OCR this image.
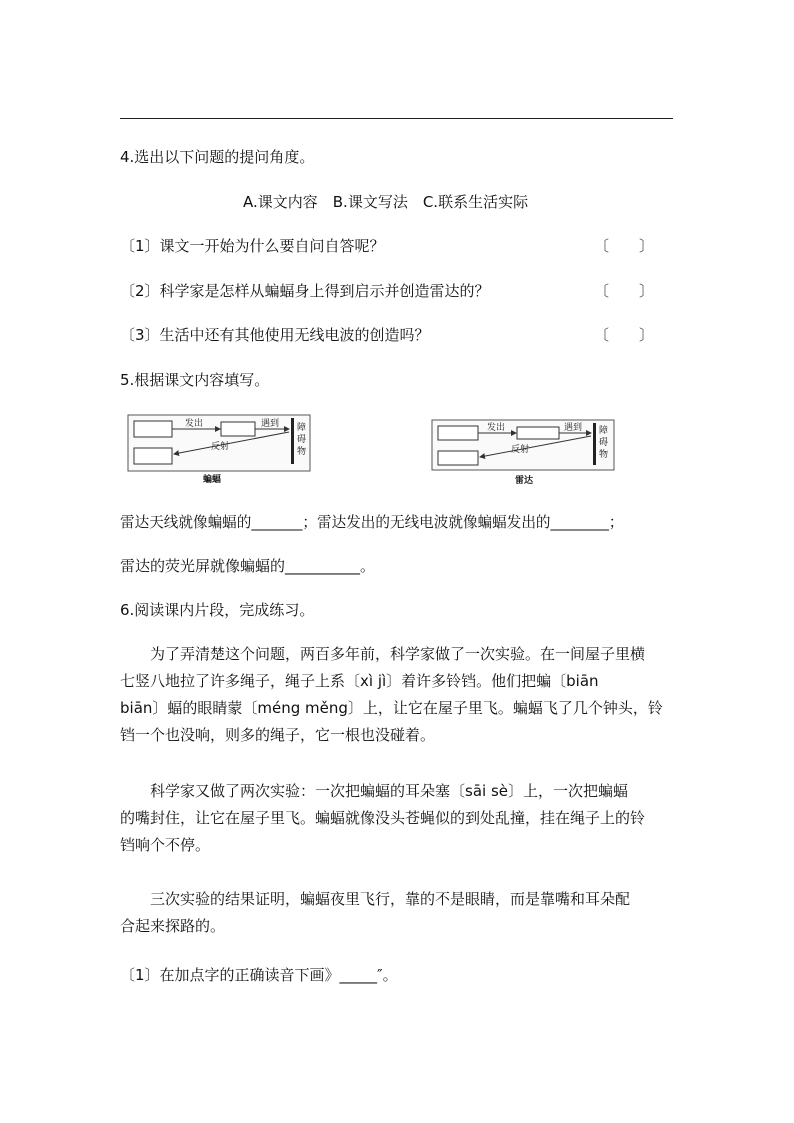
4.选出以下问题的提问角度。
A.课文内容　B.课文写法　C.联系生活实际
〔1〕课文一开始为什么要自问自答呢？	〔　　〕
〔2〕科学家是怎样从蝙蝠身上得到启示并创造雷达的？	〔　　〕
〔3〕生活中还有其他使用无线电波的创造吗？	〔　　〕
5.根据课文内容填写。
发出	遇到
反射
障碍物
蝙蝠
发出	遇到
反射
障碍物
雷达
雷达天线就像蝙蝠的_______；雷达发出的无线电波就像蝙蝠发出的________；
雷达的荧光屏就像蝙蝠的__________。
6.阅读课内片段，完成练习。
　　为了弄清楚这个问题，两百多年前，科学家做了一次实验。在一间屋子里横
七竖八地拉了许多绳子，绳子上系〔xì jì〕着许多铃铛。他们把蝙〔biān
biān〕蝠的眼睛蒙〔méng měng〕上，让它在屋子里飞。蝙蝠飞了几个钟头，铃
铛一个也没响，则多的绳子，它一根也没碰着。
　　科学家又做了两次实验：一次把蝙蝠的耳朵塞〔sāi sè〕上，一次把蝙蝠
的嘴封住，让它在屋子里飞。蝙蝠就像没头苍蝇似的到处乱撞，挂在绳子上的铃
铛响个不停。
　　三次实验的结果证明，蝙蝠夜里飞行，靠的不是眼睛，而是靠嘴和耳朵配
合起来探路的。
〔1〕在加点字的正确读音下画》_____″。
